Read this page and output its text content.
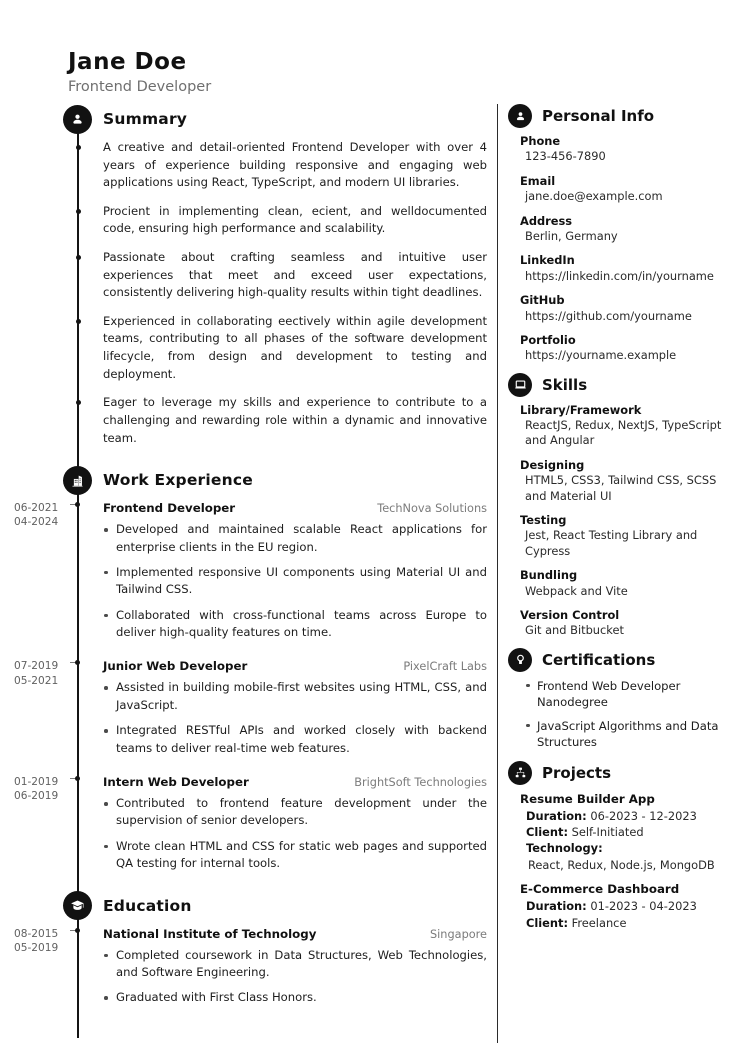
Jane Doe
Frontend Developer
Summary
A creative and detail-oriented Frontend Developer with over 4 years of experience building responsive and engaging web applications using React, TypeScript, and modern UI libraries.
Procient in implementing clean, ecient, and welldocumented code, ensuring high performance and scalability.
Passionate about crafting seamless and intuitive user experiences that meet and exceed user expectations, consistently delivering high-quality results within tight deadlines.
Experienced in collaborating eectively within agile development teams, contributing to all phases of the software development lifecycle, from design and development to testing and deployment.
Eager to leverage my skills and experience to contribute to a challenging and rewarding role within a dynamic and innovative team.
Work Experience
06-2021
04-2024
Frontend Developer	TechNova Solutions
Developed and maintained scalable React applications for enterprise clients in the EU region.
Implemented responsive UI components using Material UI and Tailwind CSS.
Collaborated with cross-functional teams across Europe to deliver high-quality features on time.
07-2019
05-2021
Junior Web Developer	PixelCraft Labs
Assisted in building mobile-first websites using HTML, CSS, and JavaScript.
Integrated RESTful APIs and worked closely with backend teams to deliver real-time web features.
01-2019
06-2019
Intern Web Developer	BrightSoft Technologies
Contributed to frontend feature development under the supervision of senior developers.
Wrote clean HTML and CSS for static web pages and supported QA testing for internal tools.
Education
08-2015
05-2019
National Institute of Technology	Singapore
Completed coursework in Data Structures, Web Technologies, and Software Engineering.
Graduated with First Class Honors.
Personal Info
Phone
123-456-7890
Email
jane.doe@example.com
Address
Berlin, Germany
LinkedIn
https://linkedin.com/in/yourname
GitHub
https://github.com/yourname
Portfolio
https://yourname.example
Skills
Library/Framework
ReactJS, Redux, NextJS, TypeScript and Angular
Designing
HTML5, CSS3, Tailwind CSS, SCSS and Material UI
Testing
Jest, React Testing Library and Cypress
Bundling
Webpack and Vite
Version Control
Git and Bitbucket
Certifications
Frontend Web Developer Nanodegree
JavaScript Algorithms and Data Structures
Projects
Resume Builder App
Duration: 06-2023 - 12-2023
Client: Self-Initiated
Technology:
React, Redux, Node.js, MongoDB
E-Commerce Dashboard
Duration: 01-2023 - 04-2023
Client: Freelance
